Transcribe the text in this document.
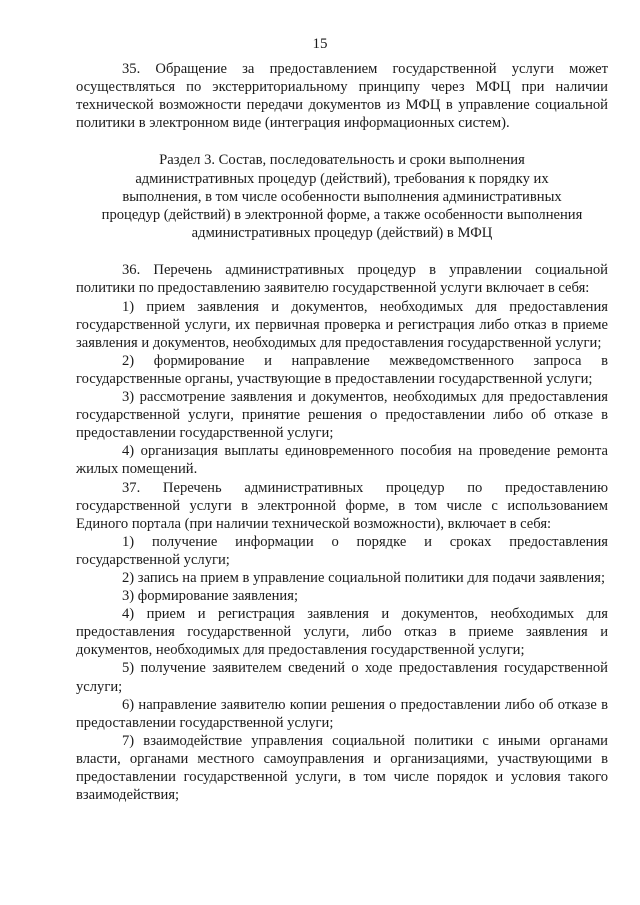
15

35. Обращение за предоставлением государственной услуги может осуществляться по экстерриториальному принципу через МФЦ при наличии технической возможности передачи документов из МФЦ в управление социальной политики в электронном виде (интеграция информационных систем).

Раздел 3. Состав, последовательность и сроки выполнения административных процедур (действий), требования к порядку их выполнения, в том числе особенности выполнения административных процедур (действий) в электронной форме, а также особенности выполнения административных процедур (действий) в МФЦ

36. Перечень административных процедур в управлении социальной политики по предоставлению заявителю государственной услуги включает в себя:

1) прием заявления и документов, необходимых для предоставления государственной услуги, их первичная проверка и регистрация либо отказ в приеме заявления и документов, необходимых для предоставления государственной услуги;

2) формирование и направление межведомственного запроса в государственные органы, участвующие в предоставлении государственной услуги;

3) рассмотрение заявления и документов, необходимых для предоставления государственной услуги, принятие решения о предоставлении либо об отказе в предоставлении государственной услуги;

4) организация выплаты единовременного пособия на проведение ремонта жилых помещений.

37. Перечень административных процедур по предоставлению государственной услуги в электронной форме, в том числе с использованием Единого портала (при наличии технической возможности), включает в себя:

1) получение информации о порядке и сроках предоставления государственной услуги;

2) запись на прием в управление социальной политики для подачи заявления;

3) формирование заявления;

4) прием и регистрация заявления и документов, необходимых для предоставления государственной услуги, либо отказ в приеме заявления и документов, необходимых для предоставления государственной услуги;

5) получение заявителем сведений о ходе предоставления государственной услуги;

6) направление заявителю копии решения о предоставлении либо об отказе в предоставлении государственной услуги;

7) взаимодействие управления социальной политики с иными органами власти, органами местного самоуправления и организациями, участвующими в предоставлении государственной услуги, в том числе порядок и условия такого взаимодействия;
